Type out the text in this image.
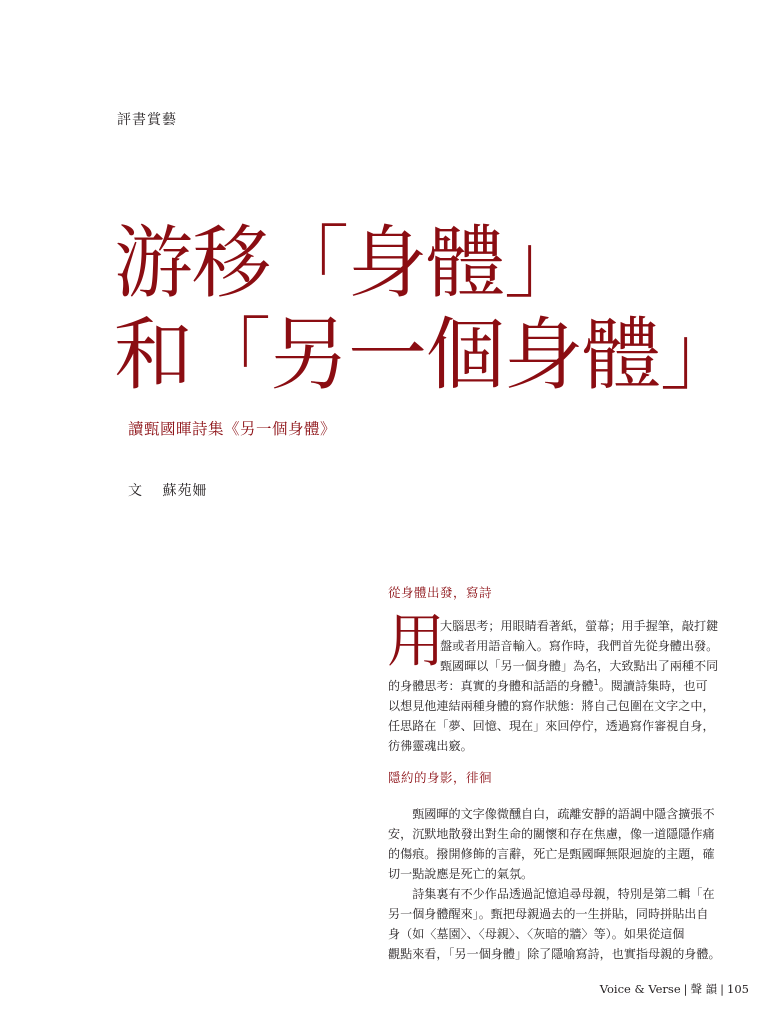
評書賞藝
游移「身體」
和「另一個身體」
讀甄國暉詩集《另一個身體》
文 蘇苑姍
從身體出發，寫詩
用
大腦思考；用眼睛看著紙，螢幕；用手握筆，敲打鍵
盤或者用語音輸入。寫作時，我們首先從身體出發。
甄國暉以「另一個身體」為名，大致點出了兩種不同
的身體思考：真實的身體和話語的身體$^1$。閱讀詩集時，也可
以想見他連結兩種身體的寫作狀態：將自己包圍在文字之中，
任思路在「夢、回憶、現在」來回停佇，透過寫作審視自身，
彷彿靈魂出竅。
隱約的身影，徘徊
　　甄國暉的文字像微醺自白，疏離安靜的語調中隱含擴張不
安，沉默地散發出對生命的關懷和存在焦慮，像一道隱隱作痛
的傷痕。撥開修飾的言辭，死亡是甄國暉無限迴旋的主題，確
切一點說應是死亡的氣氛。
　　詩集裏有不少作品透過記憶追尋母親，特別是第二輯「在
另一個身體醒來」。甄把母親過去的一生拼貼，同時拼貼出自
身（如〈墓園〉、〈母親〉、〈灰暗的牆〉等）。如果從這個
觀點來看，「另一個身體」除了隱喻寫詩，也實指母親的身體。
Voice & Verse | 聲 韻 | 105
